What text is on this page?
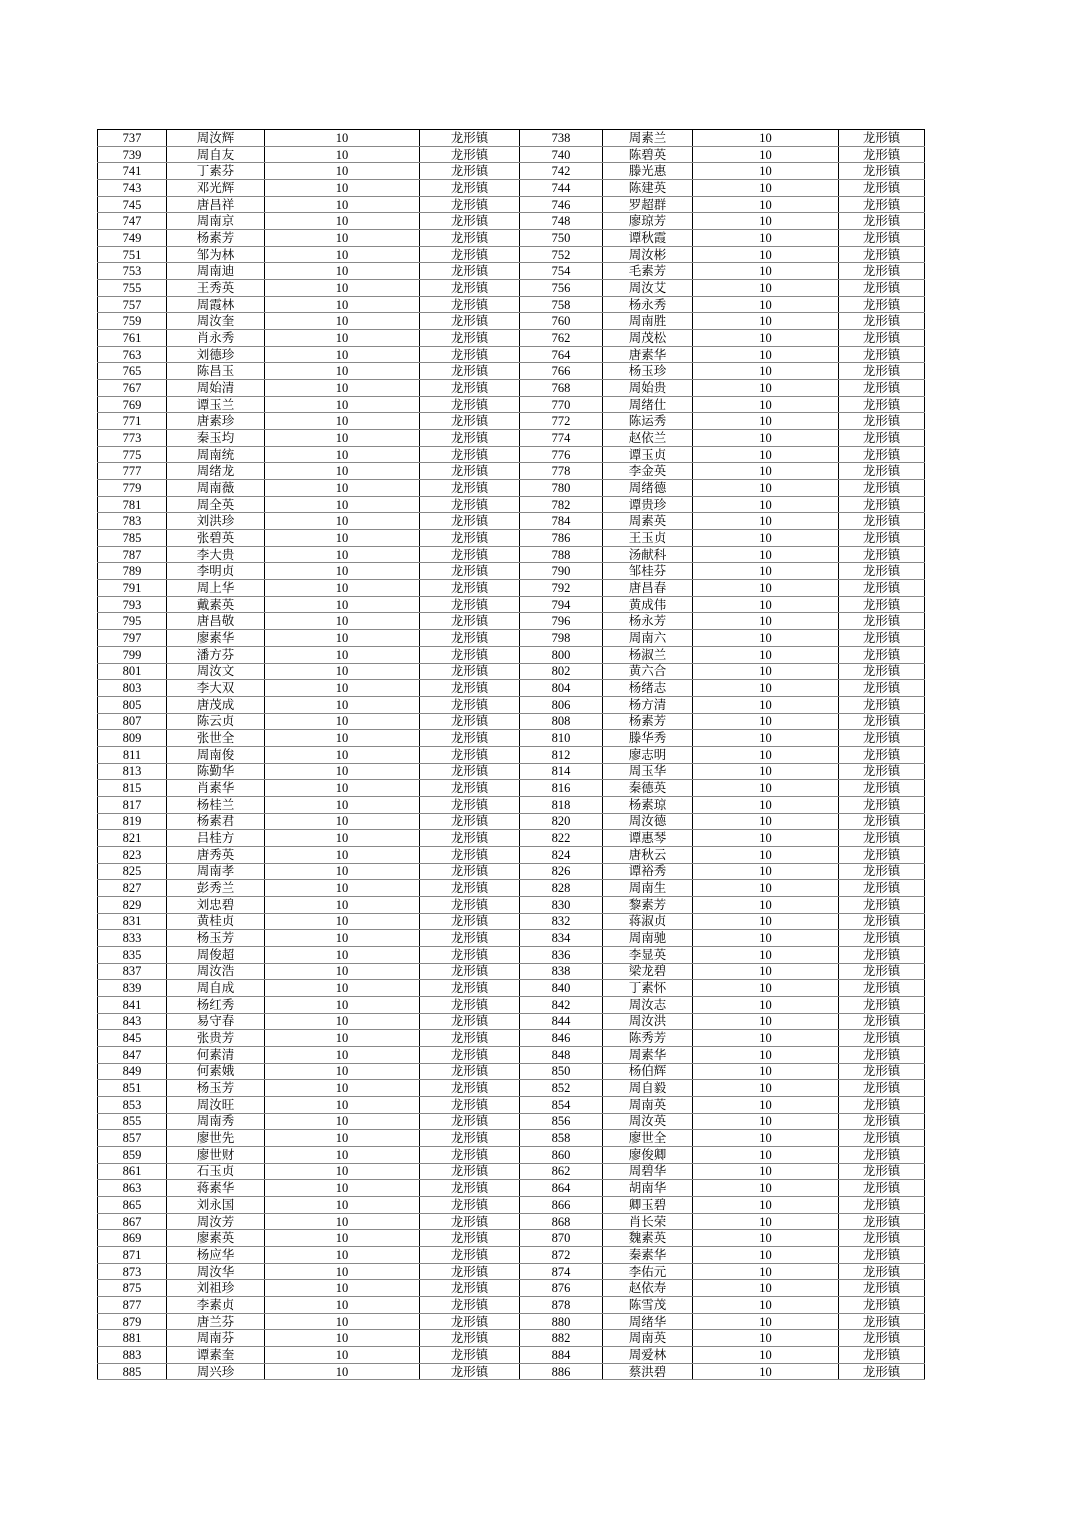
737	周汝辉	10	龙形镇	738	周素兰	10	龙形镇
739	周自友	10	龙形镇	740	陈碧英	10	龙形镇
741	丁素芬	10	龙形镇	742	滕光惠	10	龙形镇
743	邓光辉	10	龙形镇	744	陈建英	10	龙形镇
745	唐昌祥	10	龙形镇	746	罗超群	10	龙形镇
747	周南京	10	龙形镇	748	廖琼芳	10	龙形镇
749	杨素芳	10	龙形镇	750	谭秋霞	10	龙形镇
751	邹为林	10	龙形镇	752	周汝彬	10	龙形镇
753	周南迪	10	龙形镇	754	毛素芳	10	龙形镇
755	王秀英	10	龙形镇	756	周汝艾	10	龙形镇
757	周霞林	10	龙形镇	758	杨永秀	10	龙形镇
759	周汝奎	10	龙形镇	760	周南胜	10	龙形镇
761	肖永秀	10	龙形镇	762	周茂松	10	龙形镇
763	刘德珍	10	龙形镇	764	唐素华	10	龙形镇
765	陈昌玉	10	龙形镇	766	杨玉珍	10	龙形镇
767	周始清	10	龙形镇	768	周始贵	10	龙形镇
769	谭玉兰	10	龙形镇	770	周绪仕	10	龙形镇
771	唐素珍	10	龙形镇	772	陈运秀	10	龙形镇
773	秦玉均	10	龙形镇	774	赵依兰	10	龙形镇
775	周南统	10	龙形镇	776	谭玉贞	10	龙形镇
777	周绪龙	10	龙形镇	778	李金英	10	龙形镇
779	周南薇	10	龙形镇	780	周绪德	10	龙形镇
781	周全英	10	龙形镇	782	谭贵珍	10	龙形镇
783	刘洪珍	10	龙形镇	784	周素英	10	龙形镇
785	张碧英	10	龙形镇	786	王玉贞	10	龙形镇
787	李大贵	10	龙形镇	788	汤献科	10	龙形镇
789	李明贞	10	龙形镇	790	邹桂芬	10	龙形镇
791	周上华	10	龙形镇	792	唐昌春	10	龙形镇
793	戴素英	10	龙形镇	794	黄成伟	10	龙形镇
795	唐昌敬	10	龙形镇	796	杨永芳	10	龙形镇
797	廖素华	10	龙形镇	798	周南六	10	龙形镇
799	潘方芬	10	龙形镇	800	杨淑兰	10	龙形镇
801	周汝文	10	龙形镇	802	黄六合	10	龙形镇
803	李大双	10	龙形镇	804	杨绪志	10	龙形镇
805	唐茂成	10	龙形镇	806	杨方清	10	龙形镇
807	陈云贞	10	龙形镇	808	杨素芳	10	龙形镇
809	张世全	10	龙形镇	810	滕华秀	10	龙形镇
811	周南俊	10	龙形镇	812	廖志明	10	龙形镇
813	陈勤华	10	龙形镇	814	周玉华	10	龙形镇
815	肖素华	10	龙形镇	816	秦德英	10	龙形镇
817	杨桂兰	10	龙形镇	818	杨素琼	10	龙形镇
819	杨素君	10	龙形镇	820	周汝德	10	龙形镇
821	吕桂方	10	龙形镇	822	谭惠琴	10	龙形镇
823	唐秀英	10	龙形镇	824	唐秋云	10	龙形镇
825	周南孝	10	龙形镇	826	谭裕秀	10	龙形镇
827	彭秀兰	10	龙形镇	828	周南生	10	龙形镇
829	刘忠碧	10	龙形镇	830	黎素芳	10	龙形镇
831	黄桂贞	10	龙形镇	832	蒋淑贞	10	龙形镇
833	杨玉芳	10	龙形镇	834	周南驰	10	龙形镇
835	周俊超	10	龙形镇	836	李显英	10	龙形镇
837	周汝浩	10	龙形镇	838	梁龙碧	10	龙形镇
839	周自成	10	龙形镇	840	丁素怀	10	龙形镇
841	杨红秀	10	龙形镇	842	周汝志	10	龙形镇
843	易守春	10	龙形镇	844	周汝洪	10	龙形镇
845	张贵芳	10	龙形镇	846	陈秀芳	10	龙形镇
847	何素清	10	龙形镇	848	周素华	10	龙形镇
849	何素娥	10	龙形镇	850	杨伯辉	10	龙形镇
851	杨玉芳	10	龙形镇	852	周自毅	10	龙形镇
853	周汝旺	10	龙形镇	854	周南英	10	龙形镇
855	周南秀	10	龙形镇	856	周汝英	10	龙形镇
857	廖世先	10	龙形镇	858	廖世全	10	龙形镇
859	廖世财	10	龙形镇	860	廖俊卿	10	龙形镇
861	石玉贞	10	龙形镇	862	周碧华	10	龙形镇
863	蒋素华	10	龙形镇	864	胡南华	10	龙形镇
865	刘永国	10	龙形镇	866	卿玉碧	10	龙形镇
867	周汝芳	10	龙形镇	868	肖长荣	10	龙形镇
869	廖素英	10	龙形镇	870	魏素英	10	龙形镇
871	杨应华	10	龙形镇	872	秦素华	10	龙形镇
873	周汝华	10	龙形镇	874	李佑元	10	龙形镇
875	刘祖珍	10	龙形镇	876	赵依寿	10	龙形镇
877	李素贞	10	龙形镇	878	陈雪茂	10	龙形镇
879	唐兰芬	10	龙形镇	880	周绪华	10	龙形镇
881	周南芬	10	龙形镇	882	周南英	10	龙形镇
883	谭素奎	10	龙形镇	884	周爱林	10	龙形镇
885	周兴珍	10	龙形镇	886	蔡洪碧	10	龙形镇
